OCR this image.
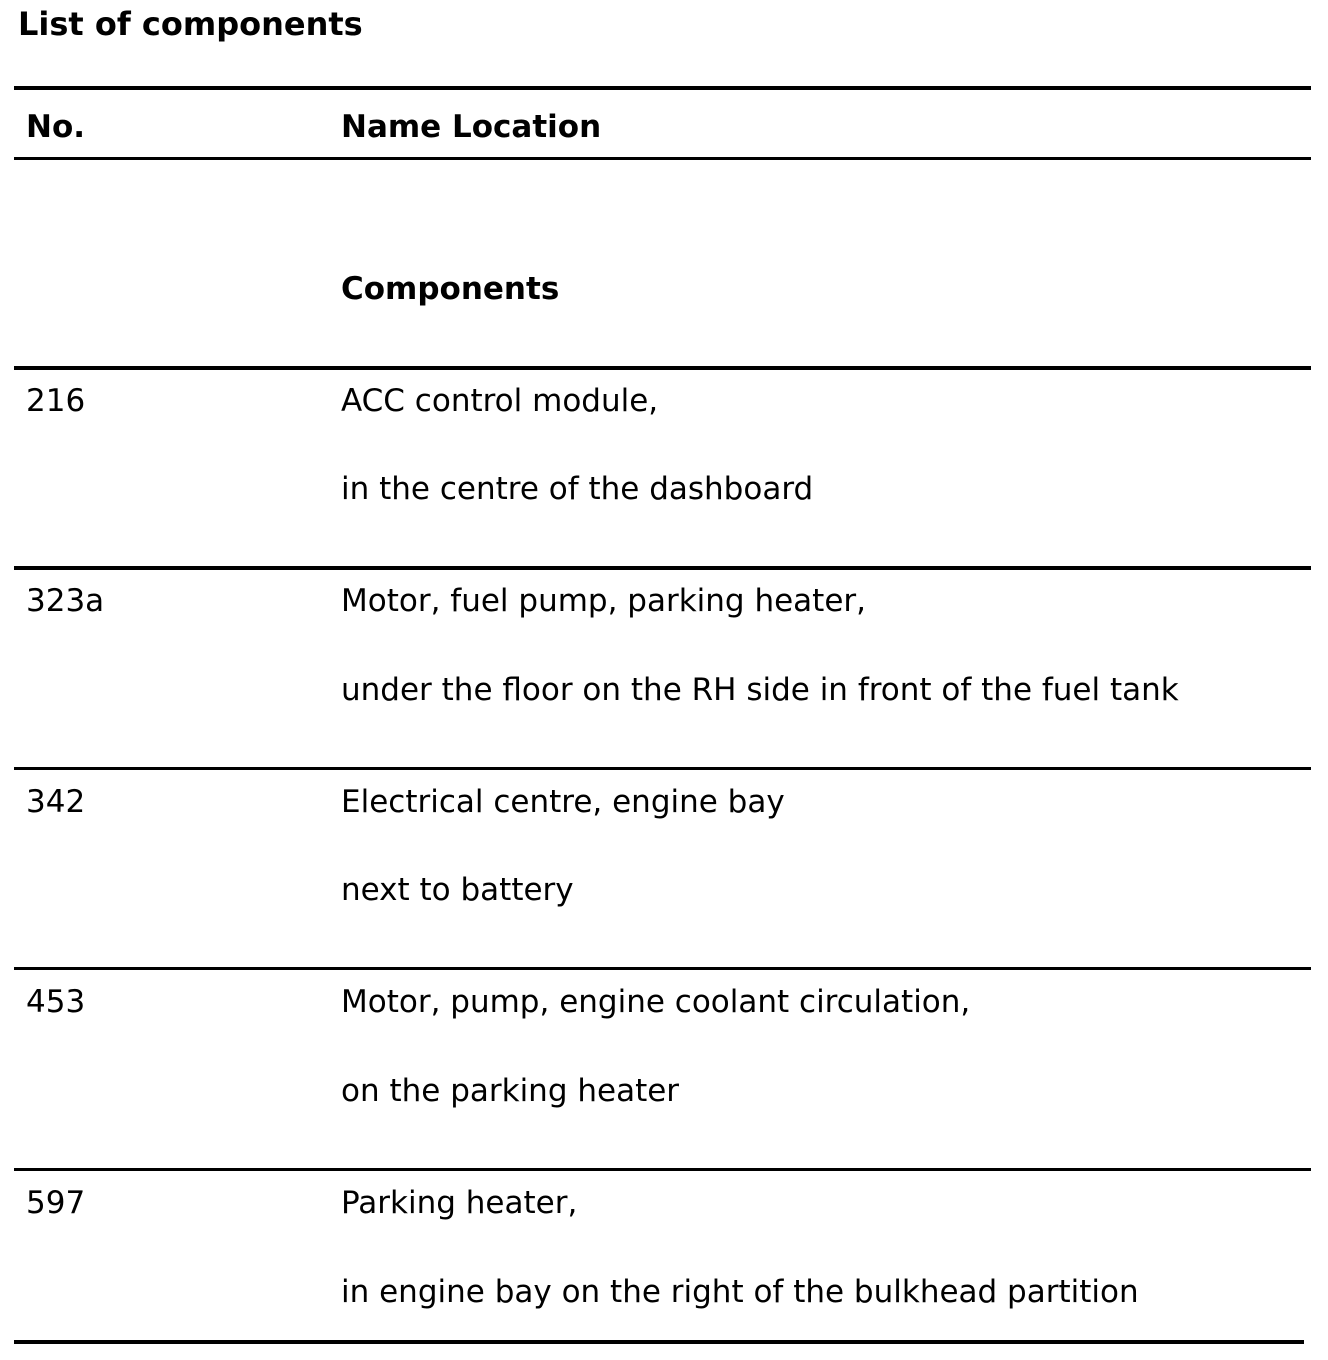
List of components
No.	Name Location
Components
216	ACC control module,
in the centre of the dashboard
323a	Motor, fuel pump, parking heater,
under the floor on the RH side in front of the fuel tank
342	Electrical centre, engine bay
next to battery
453	Motor, pump, engine coolant circulation,
on the parking heater
597	Parking heater,
in engine bay on the right of the bulkhead partition
